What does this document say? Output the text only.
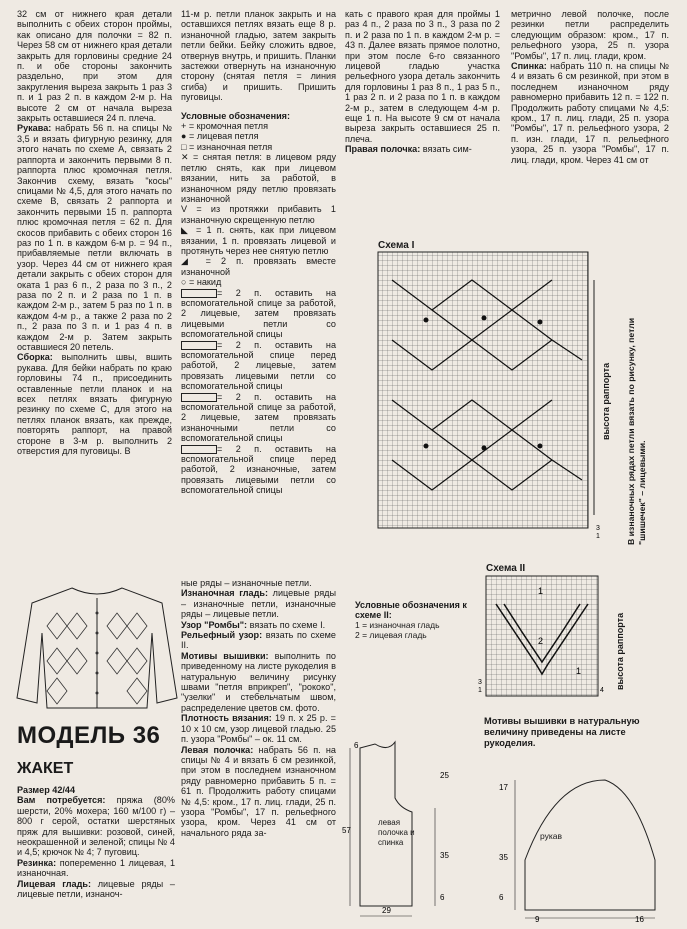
32 см от нижнего края детали выполнить с обеих сторон проймы, как описано для полочки = 82 п. Через 58 см от нижнего края детали закрыть для горловины средние 24 п. и обе стороны закончить раздельно, при этом для закругления выреза закрыть 1 раз 3 п. и 1 раз 2 п. в каждом 2-м р. На высоте 2 см от начала выреза закрыть оставшиеся 24 п. плеча.

Рукава: набрать 56 п. на спицы № 3,5 и вязать фигурную резинку, для этого начать по схеме А, связать 2 раппорта и закончить первыми 8 п. раппорта плюс кромочная петля. Закончив схему, вязать "косы" спицами № 4,5, для этого начать по схеме В, связать 2 раппорта и закончить первыми 15 п. раппорта плюс кромочная петля = 62 п. Для скосов прибавить с обеих сторон 16 раз по 1 п. в каждом 6-м р. = 94 п., прибавляемые петли включать в узор. Через 44 см от нижнего края детали закрыть с обеих сторон для оката 1 раз 6 п., 2 раза по 3 п., 2 раза по 2 п. и 2 раза по 1 п. в каждом 2-м р., затем 5 раз по 1 п. в каждом 4-м р., а также 2 раза по 2 п., 2 раза по 3 п. и 1 раз 4 п. в каждом 2-м р. Затем закрыть оставшиеся 20 петель.

Сборка: выполнить швы, вшить рукава. Для бейки набрать по краю горловины 74 п., присоединить оставленные петли планок и на всех петлях вязать фигурную резинку по схеме С, для этого на петлях планок вязать, как прежде, повторять раппорт, на правой стороне в 3-м р. выполнить 2 отверстия для пуговицы. В

11-м р. петли планок закрыть и на оставшихся петлях вязать еще 8 р. изнаночной гладью, затем закрыть петли бейки. Бейку сложить вдвое, отвернув внутрь, и пришить. Планки застежки отвернуть на изнаночную сторону (снятая петля = линия сгиба) и пришить. Пришить пуговицы.

Условные обозначения:

+ = кромочная петля

● = лицевая петля

□ = изнаночная петля

✕ = снятая петля: в лицевом ряду петлю снять, как при лицевом вязании, нить за работой, в изнаночном ряду петлю провязать изнаночной

V = из протяжки прибавить 1 изнаночную скрещенную петлю

◣ = 1 п. снять, как при лицевом вязании, 1 п. провязать лицевой и протянуть через нее снятую петлю

◢ = 2 п. провязать вместе изнаночной

○ = накид

= 2 п. оставить на вспомогательной спице за работой, 2 лицевые, затем провязать лицевыми петли со вспомогательной спицы

= 2 п. оставить на вспомогательной спице перед работой, 2 лицевые, затем провязать лицевыми петли со вспомогательной спицы

= 2 п. оставить на вспомогательной спице за работой, 2 лицевые, затем провязать изнаночными петли со вспомогательной спицы

= 2 п. оставить на вспомогательной спице перед работой, 2 изнаночные, затем провязать лицевыми петли со вспомогательной спицы

кать с правого края для проймы 1 раз 4 п., 2 раза по 3 п., 3 раза по 2 п. и 2 раза по 1 п. в каждом 2-м р. = 43 п. Далее вязать прямое полотно, при этом после 6-го связанного лицевой гладью участка рельефного узора деталь закончить для горловины 1 раз 8 п., 1 раз 5 п., 1 раз 2 п. и 2 раза по 1 п. в каждом 2-м р., затем в следующем 4-м р. еще 1 п. На высоте 9 см от начала выреза закрыть оставшиеся 25 п. плеча.

Правая полочка: вязать сим-

метрично левой полочке, после резинки петли распределить следующим образом: кром., 17 п. рельефного узора, 25 п. узора "Ромбы", 17 п. лиц. глади, кром.

Спинка: набрать 110 п. на спицы № 4 и вязать 6 см резинкой, при этом в последнем изнаночном ряду равномерно прибавить 12 п. = 122 п. Продолжить работу спицами № 4,5: кром., 17 п. лиц. глади, 25 п. узора "Ромбы", 17 п. рельефного узора, 2 п. изн. глади, 17 п. рельефного узора, 25 п. узора "Ромбы", 17 п. лиц. глади, кром. Через 41 см от

Схема I
3
1
высота раппорта В изнаночных рядах петли вязать по рисунку, петли "шишечек" – лицевыми.
Схема II
1
2
1
3
1	4
высота раппорта
Условные обозначения к схеме II:
1 = изнаночная гладь
2 = лицевая гладь
Мотивы вышивки в натуральную величину приведены на листе рукоделия.
МОДЕЛЬ 36
ЖАКЕТ

Размер 42/44

Вам потребуется: пряжа (80% шерсти, 20% мохера; 160 м/100 г) – 800 г серой, остатки шерстяных пряж для вышивки: розовой, синей, неокрашенной и зеленой; спицы № 4 и 4,5; крючок № 4; 7 пуговиц.

Резинка: попеременно 1 лицевая, 1 изнаночная.

Лицевая гладь: лицевые ряды – лицевые петли, изнаноч-

ные ряды – изнаночные петли.

Изнаночная гладь: лицевые ряды – изнаночные петли, изнаночные ряды – лицевые петли.

Узор "Ромбы": вязать по схеме I.

Рельефный узор: вязать по схеме II.

Мотивы вышивки: выполнить по приведенному на листе рукоделия в натуральную величину рисунку швами "петля вприкреп", "рококо", "узелки" и стебельчатым швом, распределение цветов см. фото.

Плотность вязания: 19 п. x 25 р. = 10 x 10 см, узор лицевой гладью. 25 п. узора "Ромбы" – ок. 11 см.

Левая полочка: набрать 56 п. на спицы № 4 и вязать 6 см резинкой, при этом в последнем изнаночном ряду равномерно прибавить 5 п. = 61 п. Продолжить работу спицами № 4,5: кром., 17 п. лиц. глади, 25 п. узора "Ромбы", 17 п. рельефного узора, кром. Через 41 см от начального ряда за-

6
25
57
35
6
29
левая полочка и спинка
17
35
6
9	16
рукав
